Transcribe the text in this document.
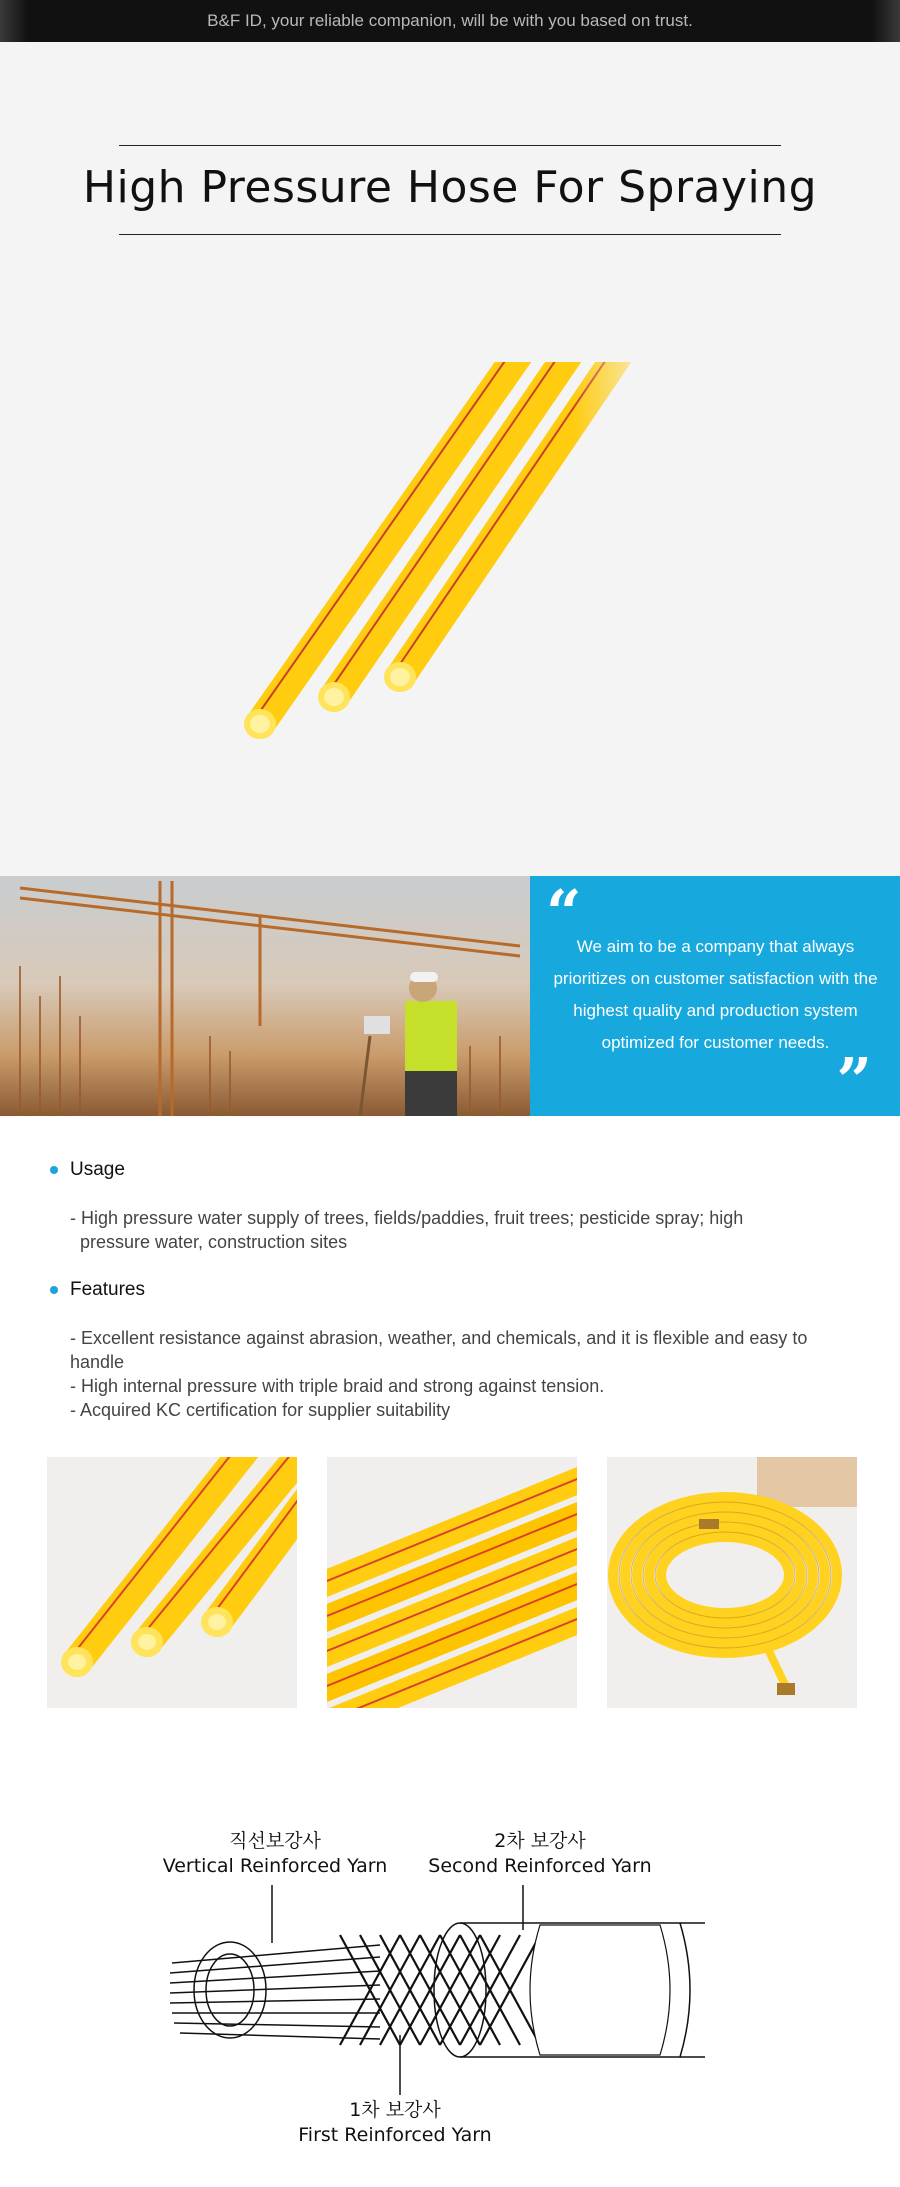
B&F ID, your reliable companion, will be with you based on trust.
High Pressure Hose For Spraying
“
We aim to be a company that always prioritizes on customer satisfaction with the highest quality and production system optimized for customer needs.
”
Usage
- High pressure water supply of trees, fields/paddies, fruit trees; pesticide spray; high
pressure water, construction sites
Features
- Excellent resistance against abrasion, weather, and chemicals, and it is flexible and easy to handle
- High internal pressure with triple braid and strong against tension.
- Acquired KC certification for supplier suitability
직선보강사
Vertical Reinforced Yarn
2차 보강사
Second Reinforced Yarn
1차 보강사
First Reinforced Yarn
